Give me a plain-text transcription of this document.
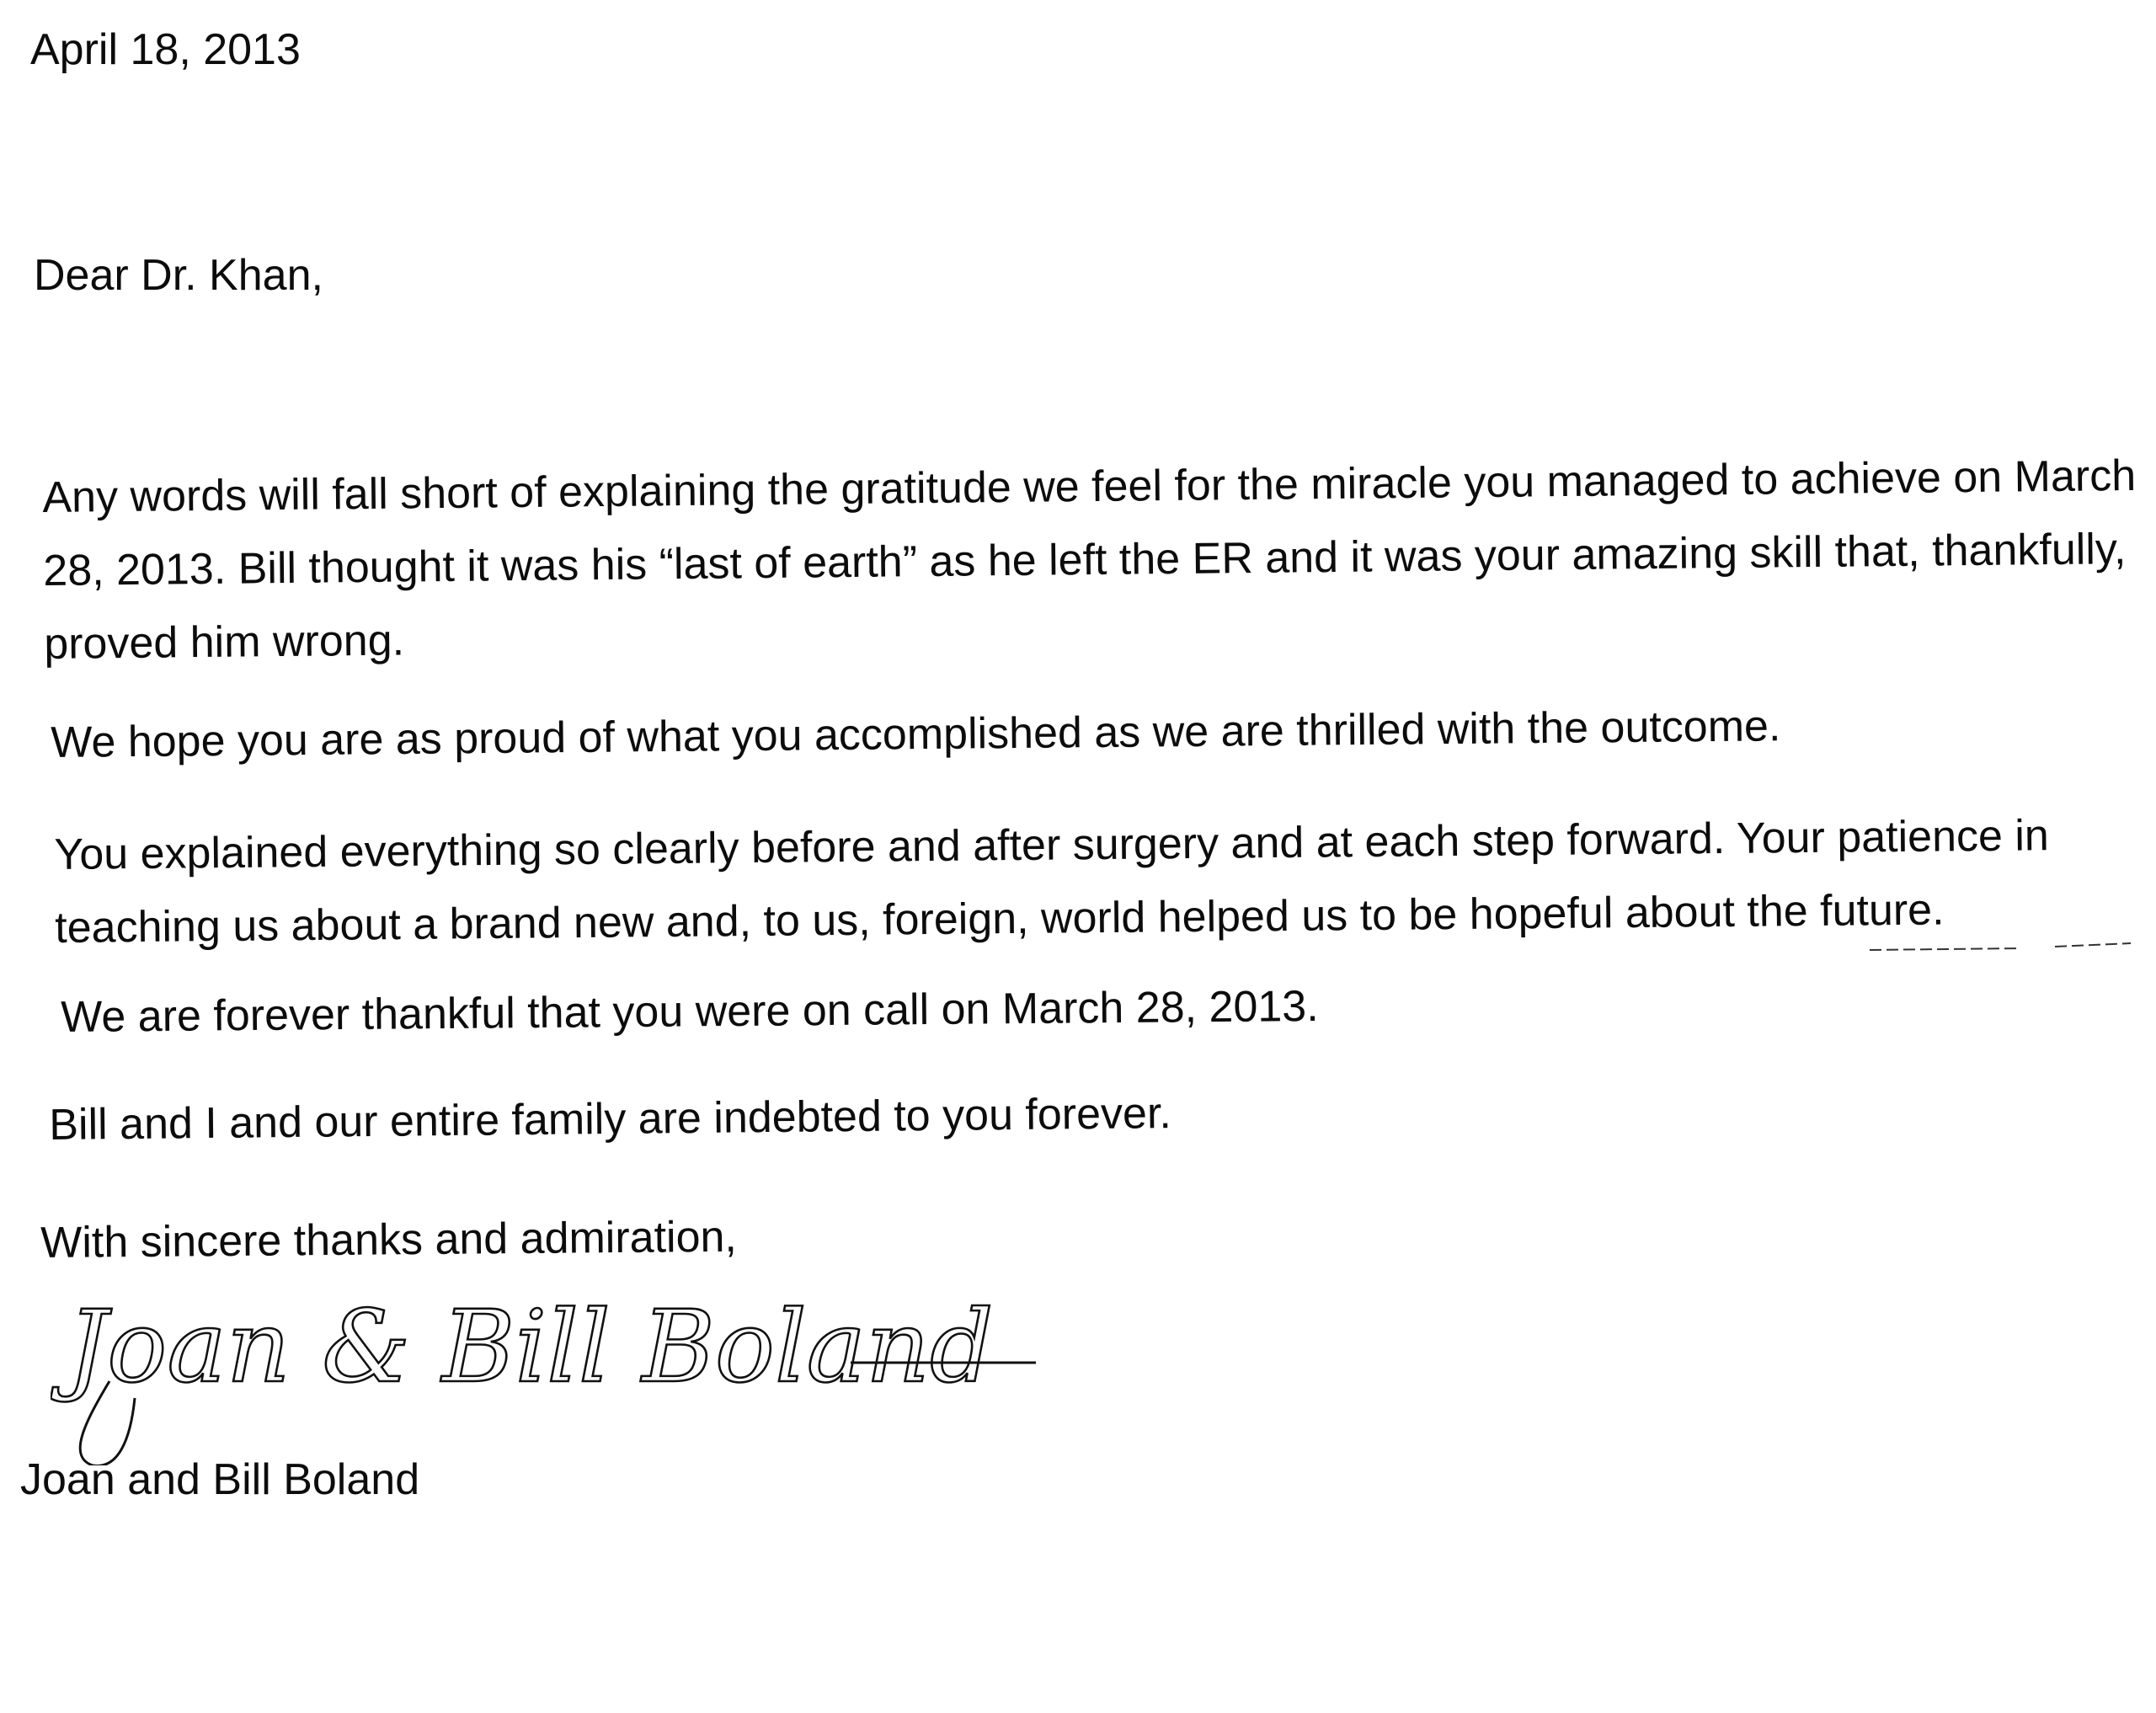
April 18, 2013

Dear Dr. Khan,

Any words will fall short of explaining the gratitude we feel for the miracle you managed to achieve on March 28, 2013. Bill thought it was his “last of earth” as he left the ER and it was your amazing skill that, thankfully, proved him wrong.

We hope you are as proud of what you accomplished as we are thrilled with the outcome.

You explained everything so clearly before and after surgery and at each step forward. Your patience in teaching us about a brand new and, to us, foreign, world helped us to be hopeful about the future.

We are forever thankful that you were on call on March 28, 2013.

Bill and I and our entire family are indebted to you forever.

With sincere thanks and admiration,

Joan & Bill Boland

Joan and Bill Boland
